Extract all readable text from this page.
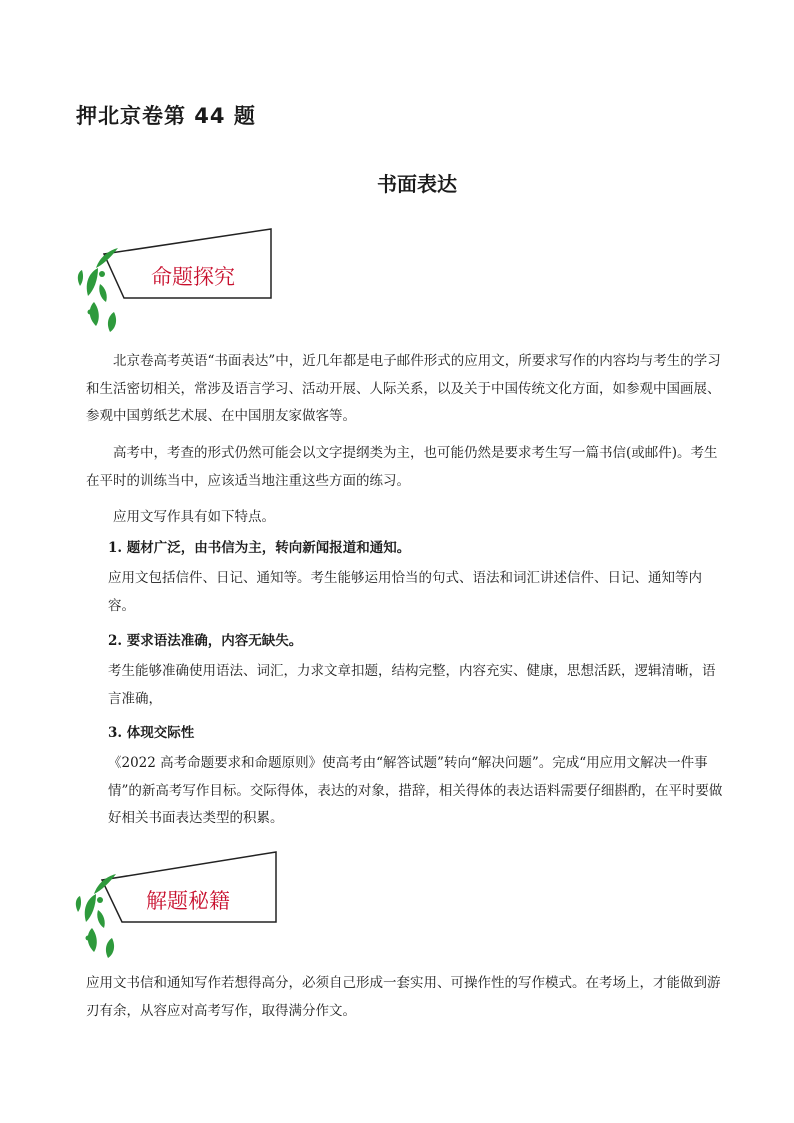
押北京卷第 44 题
书面表达
命题探究
北京卷高考英语“书面表达”中，近几年都是电子邮件形式的应用文，所要求写作的内容均与考生的学习和生活密切相关，常涉及语言学习、活动开展、人际关系，以及关于中国传统文化方面，如参观中国画展、参观中国剪纸艺术展、在中国朋友家做客等。
高考中，考查的形式仍然可能会以文字提纲类为主，也可能仍然是要求考生写一篇书信(或邮件)。考生在平时的训练当中，应该适当地注重这些方面的练习。
应用文写作具有如下特点。
1. 题材广泛，由书信为主，转向新闻报道和通知。
应用文包括信件、日记、通知等。考生能够运用恰当的句式、语法和词汇讲述信件、日记、通知等内容。
2. 要求语法准确，内容无缺失。
考生能够准确使用语法、词汇，力求文章扣题，结构完整，内容充实、健康，思想活跃，逻辑清晰，语言准确，
3. 体现交际性
《2022 高考命题要求和命题原则》使高考由“解答试题”转向“解决问题”。完成“用应用文解决一件事情”的新高考写作目标。交际得体，表达的对象，措辞，相关得体的表达语料需要仔细斟酌，在平时要做好相关书面表达类型的积累。
解题秘籍
应用文书信和通知写作若想得高分，必须自己形成一套实用、可操作性的写作模式。在考场上，才能做到游刃有余，从容应对高考写作，取得满分作文。
